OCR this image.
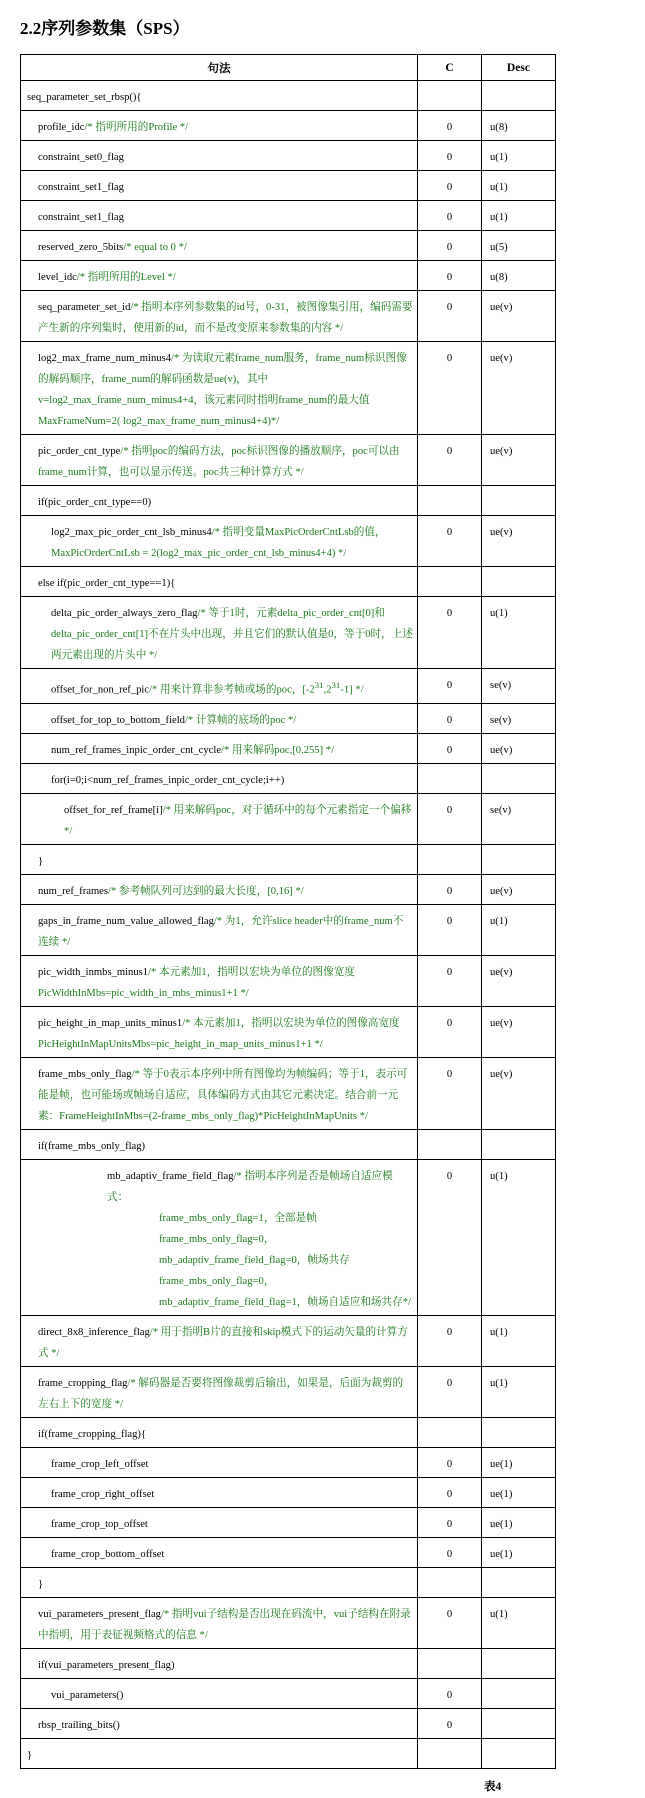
2.2序列参数集（SPS）
句法	C	Desc
seq_parameter_set_rbsp(){		
profile_idc/* 指明所用的Profile */	0	u(8)
constraint_set0_flag	0	u(1)
constraint_set1_flag	0	u(1)
constraint_set1_flag	0	u(1)
reserved_zero_5bits/* equal to 0 */	0	u(5)
level_idc/* 指明所用的Level */	0	u(8)
seq_parameter_set_id/* 指明本序列参数集的id号，0-31，被图像集引用，编码需要产生新的序列集时，使用新的id，而不是改变原来参数集的内容 */	0	ue(v)
log2_max_frame_num_minus4/* 为读取元素frame_num服务，frame_num标识图像的解码顺序，frame_num的解码函数是ue(v)，其中v=log2_max_frame_num_minus4+4，该元素同时指明frame_num的最大值MaxFrameNum=2( log2_max_frame_num_minus4+4)*/	0	ue(v)
pic_order_cnt_type/* 指明poc的编码方法，poc标识图像的播放顺序，poc可以由frame_num计算，也可以显示传送。poc共三种计算方式 */	0	ue(v)
if(pic_order_cnt_type==0)		
log2_max_pic_order_cnt_lsb_minus4/* 指明变量MaxPicOrderCntLsb的值， MaxPicOrderCntLsb = 2(log2_max_pic_order_cnt_lsb_minus4+4) */	0	ue(v)
else if(pic_order_cnt_type==1){		
delta_pic_order_always_zero_flag/* 等于1时，元素delta_pic_order_cnt[0]和delta_pic_order_cnt[1]不在片头中出现，并且它们的默认值是0，等于0时，上述两元素出现的片头中 */	0	u(1)
offset_for_non_ref_pic/* 用来计算非参考帧或场的poc，$[-2^{31},2^{31}-1]$ */	0	se(v)
offset_for_top_to_bottom_field/* 计算帧的底场的poc */	0	se(v)
num_ref_frames_inpic_order_cnt_cycle/* 用来解码poc,[0.255] */	0	ue(v)
for(i=0;i<num_ref_frames_inpic_order_cnt_cycle;i++)		
offset_for_ref_frame[i]/* 用来解码poc，对于循环中的每个元素指定一个偏移 */	0	se(v)
}		
num_ref_frames/* 参考帧队列可达到的最大长度，[0,16] */	0	ue(v)
gaps_in_frame_num_value_allowed_flag/* 为1，允许slice header中的frame_num不连续 */	0	u(1)
pic_width_inmbs_minus1/* 本元素加1，指明以宏块为单位的图像宽度PicWidthInMbs=pic_width_in_mbs_minus1+1 */	0	ue(v)
pic_height_in_map_units_minus1/* 本元素加1，指明以宏块为单位的图像高宽度 PicHeightInMapUnitsMbs=pic_height_in_map_units_minus1+1 */	0	ue(v)
frame_mbs_only_flag/* 等于0表示本序列中所有图像均为帧编码；等于1，表示可能是帧，也可能场或帧场自适应，具体编码方式由其它元素决定。结合前一元素：FrameHeightInMbs=(2-frame_mbs_only_flag)*PicHeightInMapUnits */	0	ue(v)
if(frame_mbs_only_flag)		
mb_adaptiv_frame_field_flag/* 指明本序列是否是帧场自适应模式：
frame_mbs_only_flag=1，全部是帧
frame_mbs_only_flag=0， mb_adaptiv_frame_field_flag=0，帧场共存
frame_mbs_only_flag=0， mb_adaptiv_frame_field_flag=1，帧场自适应和场共存*/	0	u(1)
direct_8x8_inference_flag/* 用于指明B片的直接和skip模式下的运动矢量的计算方式 */	0	u(1)
frame_cropping_flag/* 解码器是否要将图像裁剪后输出，如果是，后面为裁剪的左右上下的宽度 */	0	u(1)
if(frame_cropping_flag){		
frame_crop_left_offset	0	ue(1)
frame_crop_right_offset	0	ue(1)
frame_crop_top_offset	0	ue(1)
frame_crop_bottom_offset	0	ue(1)
}		
vui_parameters_present_flag/* 指明vui子结构是否出现在码流中，vui子结构在附录中指明，用于表征视频格式的信息 */	0	u(1)
if(vui_parameters_present_flag)		
vui_parameters()	0	
rbsp_trailing_bits()	0	
}		
表4
